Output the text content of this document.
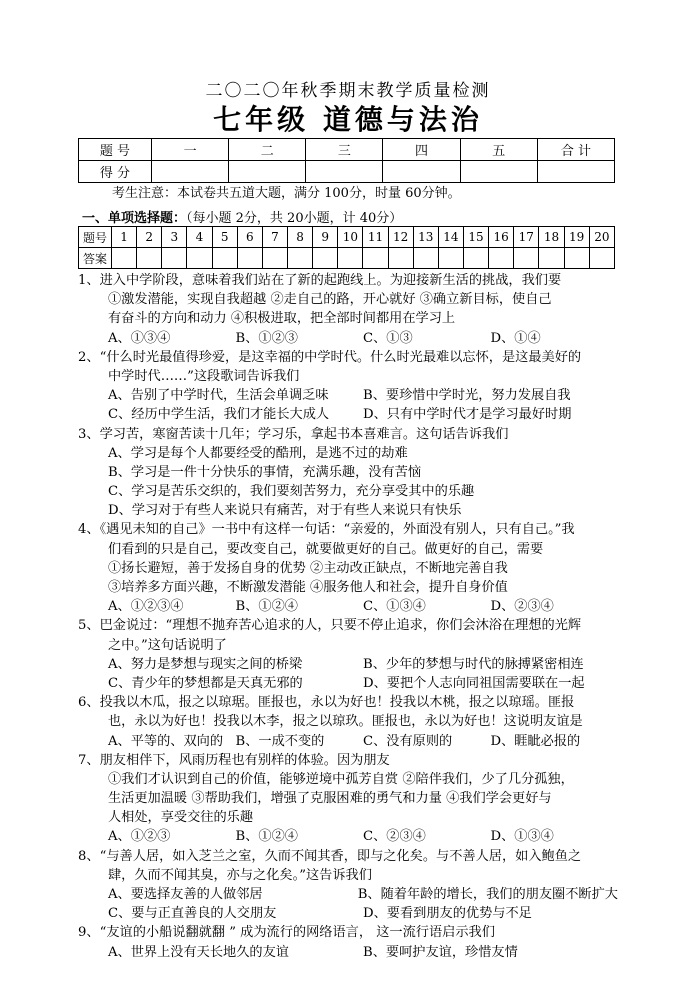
二〇二〇年秋季期末教学质量检测
七年级 道德与法治
题 号	一	二	三	四	五	合 计
得 分						
考生注意：本试卷共五道大题，满分 100分，时量 60分钟。
一、单项选择题：（每小题 2分，共 20小题，计 40分）
题号	1	2	3	4	5	6	7	8	9	10	11	12	13	14	15	16	17	18	19	20
答案																				
1、进入中学阶段，意味着我们站在了新的起跑线上。为迎接新生活的挑战，我们要
①激发潜能，实现自我超越 ②走自己的路，开心就好 ③确立新目标，使自己
有奋斗的方向和动力 ④积极进取，把全部时间都用在学习上
A、①③④	B、①②③	C、①③	D、①④
2、“什么时光最值得珍爱，是这幸福的中学时代。什么时光最难以忘怀，是这最美好的
中学时代……”这段歌词告诉我们
A、告别了中学时代，生活会单调乏味	B、要珍惜中学时光，努力发展自我
C、经历中学生活，我们才能长大成人	D、只有中学时代才是学习最好时期
3、学习苦，寒窗苦读十几年；学习乐，拿起书本喜难言。这句话告诉我们
A、学习是每个人都要经受的酷刑，是逃不过的劫难
B、学习是一件十分快乐的事情，充满乐趣，没有苦恼
C、学习是苦乐交织的，我们要刻苦努力，充分享受其中的乐趣
D、学习对于有些人来说只有痛苦，对于有些人来说只有快乐
4、《遇见未知的自己》一书中有这样一句话：“亲爱的，外面没有别人，只有自己。”我
们看到的只是自己，要改变自己，就要做更好的自己。做更好的自己，需要
①扬长避短，善于发扬自身的优势 ②主动改正缺点，不断地完善自我
③培养多方面兴趣，不断激发潜能 ④服务他人和社会，提升自身价值
A、①②③④	B、①②④	C、①③④	D、②③④
5、巴金说过：“理想不抛弃苦心追求的人，只要不停止追求，你们会沐浴在理想的光辉
之中。”这句话说明了
A、努力是梦想与现实之间的桥梁	B、少年的梦想与时代的脉搏紧密相连
C、青少年的梦想都是天真无邪的	D、要把个人志向同祖国需要联在一起
6、投我以木瓜，报之以琼琚。匪报也，永以为好也！投我以木桃，报之以琼瑶。匪报
也，永以为好也！投我以木李，报之以琼玖。匪报也，永以为好也！这说明友谊是
A、平等的、双向的 B、一成不变的	C、没有原则的	D、睚眦必报的
7、朋友相伴下，风雨历程也有别样的体验。因为朋友
①我们才认识到自己的价值，能够逆境中孤芳自赏 ②陪伴我们，少了几分孤独，
生活更加温暖 ③帮助我们，增强了克服困难的勇气和力量 ④我们学会更好与
人相处，享受交往的乐趣
A、①②③	B、①②④	C、②③④	D、①③④
8、“与善人居，如入芝兰之室，久而不闻其香，即与之化矣。与不善人居，如入鲍鱼之
肆，久而不闻其臭，亦与之化矣。”这告诉我们
A、要选择友善的人做邻居	B、随着年龄的增长，我们的朋友圈不断扩大
C、要与正直善良的人交朋友	D、要看到朋友的优势与不足
9、“友谊的小船说翻就翻 ” 成为流行的网络语言， 这一流行语启示我们
A、世界上没有天长地久的友谊	B、要呵护友谊，珍惜友情
